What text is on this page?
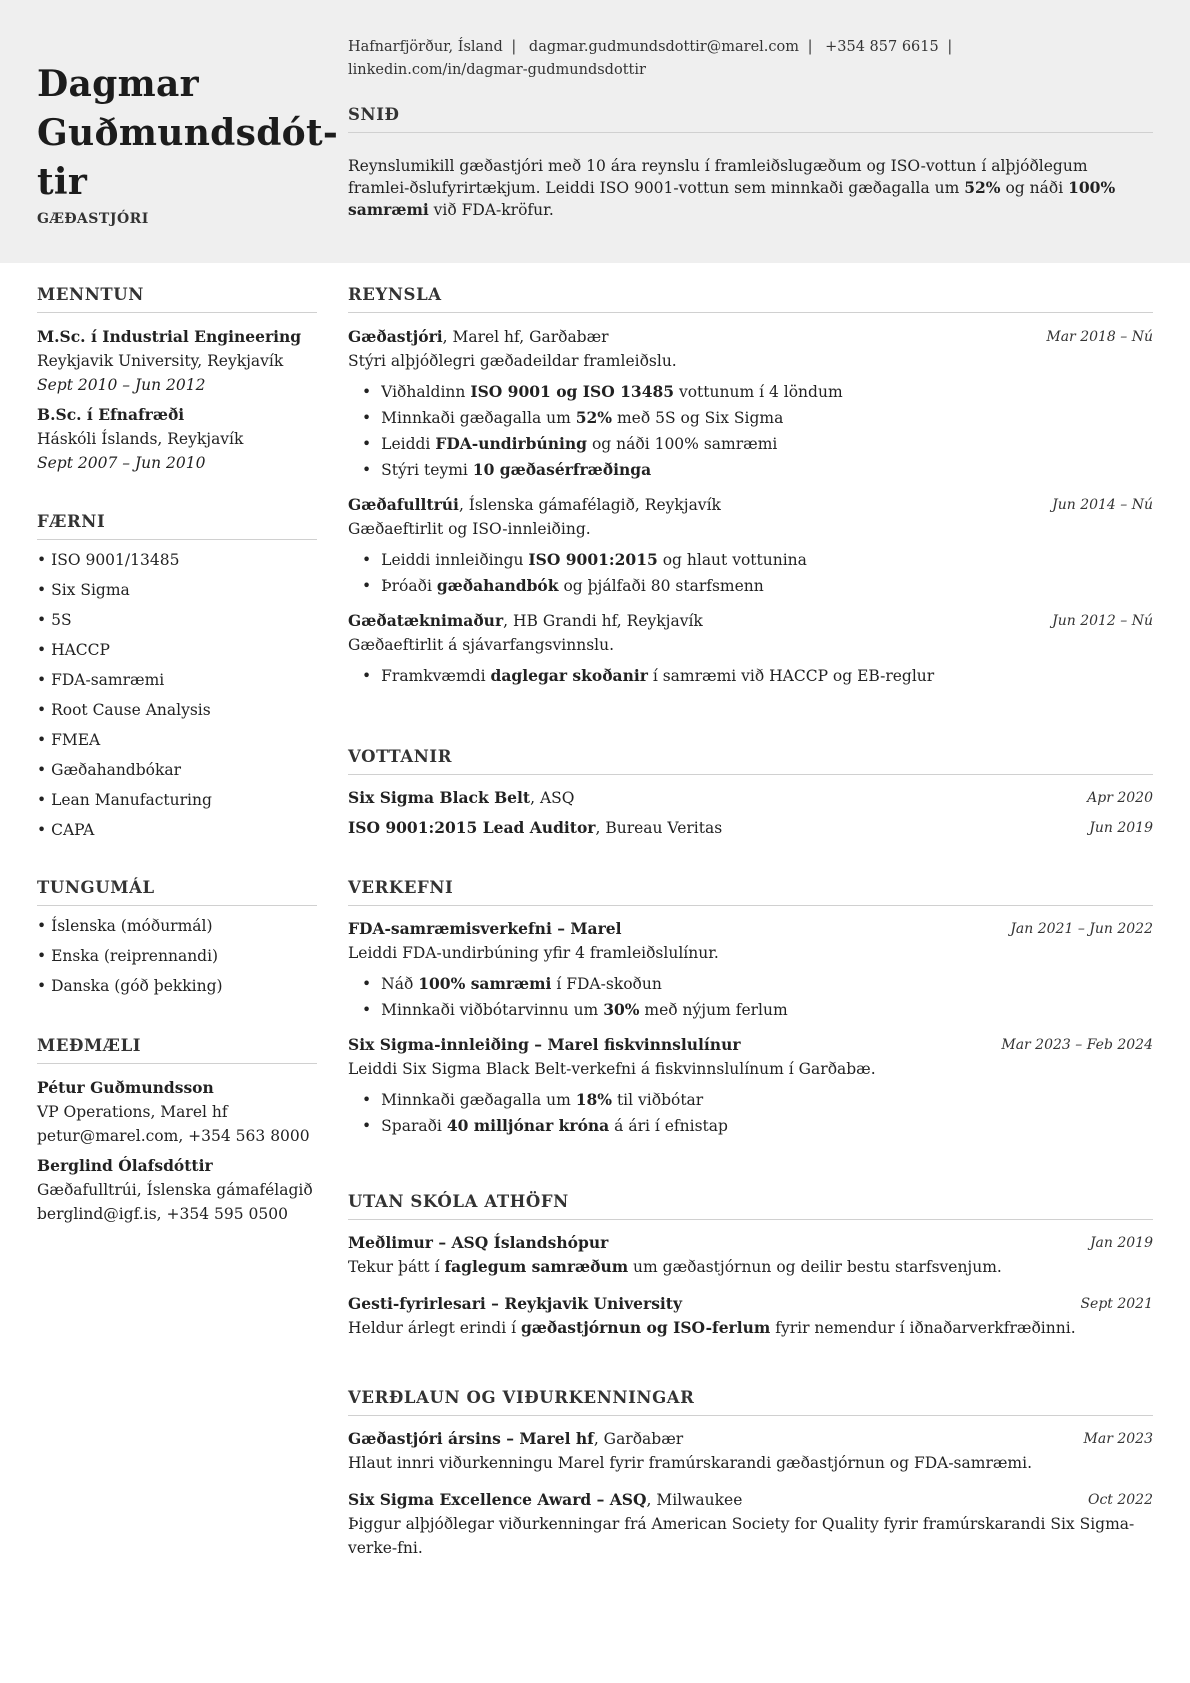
Dagmar
Guðmundsdót-
tir
GÆÐASTJÓRI
Hafnarfjörður, Ísland | dagmar.gudmundsdottir@marel.com | +354 857 6615 |
linkedin.com/in/dagmar-gudmundsdottir
SNIÐ
Reynslumikill gæðastjóri með 10 ára reynslu í framleiðslugæðum og ISO-vottun í alþjóðlegum framlei-ðslufyrirtækjum. Leiddi ISO 9001-vottun sem minnkaði gæðagalla um 52% og náði 100% samræmi við FDA-kröfur.
MENNTUN
M.Sc. í Industrial Engineering
Reykjavik University, Reykjavík
Sept 2010 – Jun 2012
B.Sc. í Efnafræði
Háskóli Íslands, Reykjavík
Sept 2007 – Jun 2010
FÆRNI
• ISO 9001/13485
• Six Sigma
• 5S
• HACCP
• FDA-samræmi
• Root Cause Analysis
• FMEA
• Gæðahandbókar
• Lean Manufacturing
• CAPA
TUNGUMÁL
• Íslenska (móðurmál)
• Enska (reiprennandi)
• Danska (góð þekking)
MEÐMÆLI
Pétur Guðmundsson
VP Operations, Marel hf
petur@marel.com, +354 563 8000
Berglind Ólafsdóttir
Gæðafulltrúi, Íslenska gámafélagið
berglind@igf.is, +354 595 0500
REYNSLA
Gæðastjóri, Marel hf, Garðabær	Mar 2018 – Nú
Stýri alþjóðlegri gæðadeildar framleiðslu.
• Viðhaldinn ISO 9001 og ISO 13485 vottunum í 4 löndum
• Minnkaði gæðagalla um 52% með 5S og Six Sigma
• Leiddi FDA-undirbúning og náði 100% samræmi
• Stýri teymi 10 gæðasérfræðinga
Gæðafulltrúi, Íslenska gámafélagið, Reykjavík	Jun 2014 – Nú
Gæðaeftirlit og ISO-innleiðing.
• Leiddi innleiðingu ISO 9001:2015 og hlaut vottunina
• Þróaði gæðahandbók og þjálfaði 80 starfsmenn
Gæðatæknimaður, HB Grandi hf, Reykjavík	Jun 2012 – Nú
Gæðaeftirlit á sjávarfangsvinnslu.
• Framkvæmdi daglegar skoðanir í samræmi við HACCP og EB-reglur
VOTTANIR
Six Sigma Black Belt, ASQ	Apr 2020
ISO 9001:2015 Lead Auditor, Bureau Veritas	Jun 2019
VERKEFNI
FDA-samræmisverkefni – Marel	Jan 2021 – Jun 2022
Leiddi FDA-undirbúning yfir 4 framleiðslulínur.
• Náð 100% samræmi í FDA-skoðun
• Minnkaði viðbótarvinnu um 30% með nýjum ferlum
Six Sigma-innleiðing – Marel fiskvinnslulínur	Mar 2023 – Feb 2024
Leiddi Six Sigma Black Belt-verkefni á fiskvinnslulínum í Garðabæ.
• Minnkaði gæðagalla um 18% til viðbótar
• Sparaði 40 milljónar króna á ári í efnistap
UTAN SKÓLA ATHÖFN
Meðlimur – ASQ Íslandshópur	Jan 2019
Tekur þátt í faglegum samræðum um gæðastjórnun og deilir bestu starfsvenjum.
Gesti-fyrirlesari – Reykjavik University	Sept 2021
Heldur árlegt erindi í gæðastjórnun og ISO-ferlum fyrir nemendur í iðnaðarverkfræðinni.
VERÐLAUN OG VIÐURKENNINGAR
Gæðastjóri ársins – Marel hf, Garðabær	Mar 2023
Hlaut innri viðurkenningu Marel fyrir framúrskarandi gæðastjórnun og FDA-samræmi.
Six Sigma Excellence Award – ASQ, Milwaukee	Oct 2022
Þiggur alþjóðlegar viðurkenningar frá American Society for Quality fyrir framúrskarandi Six Sigma-verke-fni.
